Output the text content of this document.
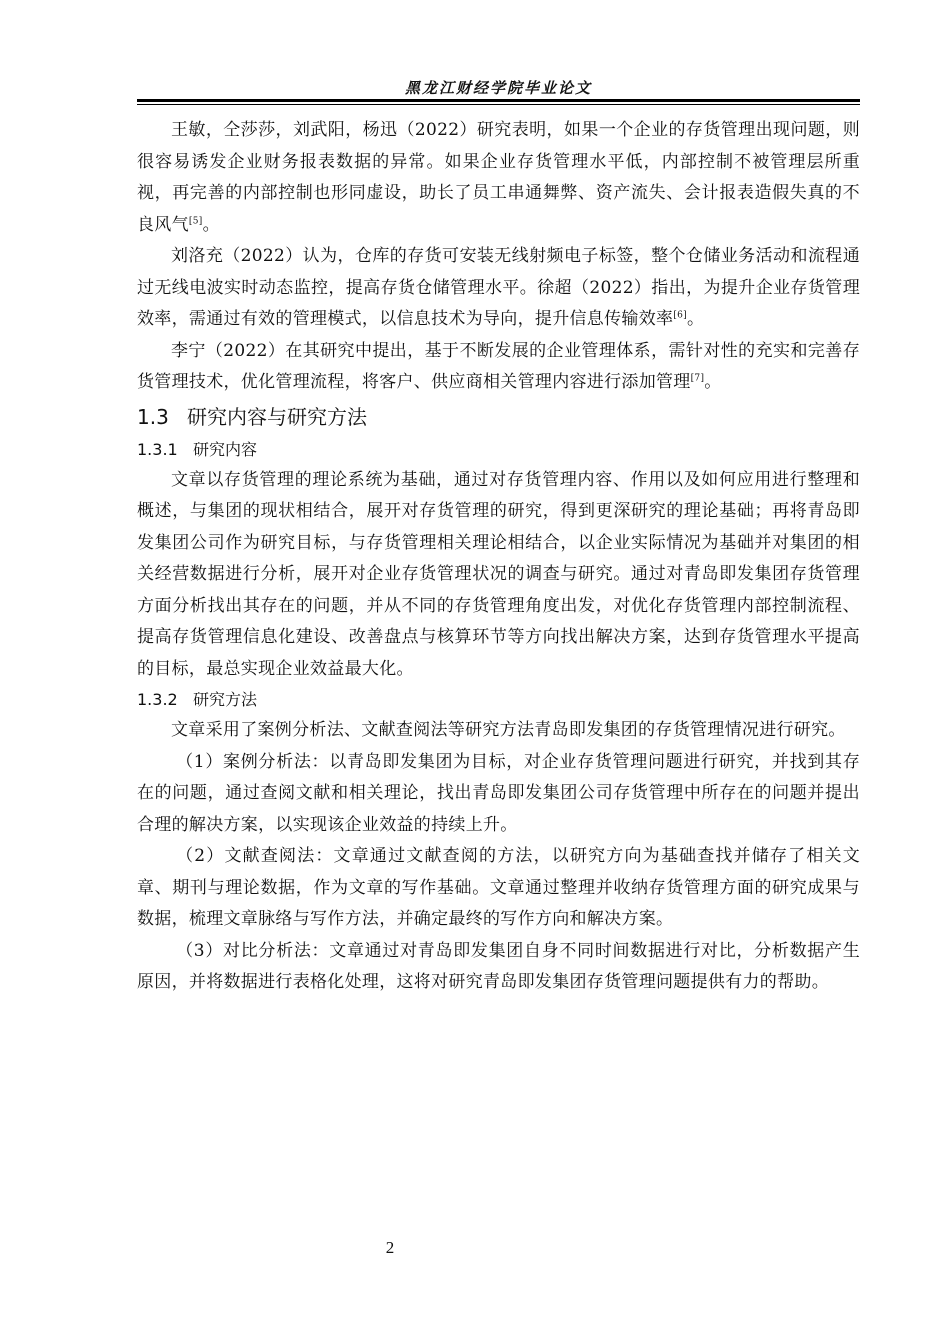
黑龙江财经学院毕业论文

王敏，仝莎莎，刘武阳，杨迅（2022）研究表明，如果一个企业的存货管理出现问题，则很容易诱发企业财务报表数据的异常。如果企业存货管理水平低，内部控制不被管理层所重视，再完善的内部控制也形同虚设，助长了员工串通舞弊、资产流失、会计报表造假失真的不良风气[5]。

刘洛充（2022）认为，仓库的存货可安装无线射频电子标签，整个仓储业务活动和流程通过无线电波实时动态监控，提高存货仓储管理水平。徐超（2022）指出，为提升企业存货管理效率，需通过有效的管理模式，以信息技术为导向，提升信息传输效率[6]。

李宁（2022）在其研究中提出，基于不断发展的企业管理体系，需针对性的充实和完善存货管理技术，优化管理流程，将客户、供应商相关管理内容进行添加管理[7]。

1.3 研究内容与研究方法
1.3.1 研究内容

文章以存货管理的理论系统为基础，通过对存货管理内容、作用以及如何应用进行整理和概述，与集团的现状相结合，展开对存货管理的研究，得到更深研究的理论基础；再将青岛即发集团公司作为研究目标，与存货管理相关理论相结合，以企业实际情况为基础并对集团的相关经营数据进行分析，展开对企业存货管理状况的调查与研究。通过对青岛即发集团存货管理方面分析找出其存在的问题，并从不同的存货管理角度出发，对优化存货管理内部控制流程、提高存货管理信息化建设、改善盘点与核算环节等方向找出解决方案，达到存货管理水平提高的目标，最总实现企业效益最大化。

1.3.2 研究方法

文章采用了案例分析法、文献查阅法等研究方法青岛即发集团的存货管理情况进行研究。

（1）案例分析法：以青岛即发集团为目标，对企业存货管理问题进行研究，并找到其存在的问题，通过查阅文献和相关理论，找出青岛即发集团公司存货管理中所存在的问题并提出合理的解决方案，以实现该企业效益的持续上升。

（2）文献查阅法：文章通过文献查阅的方法，以研究方向为基础查找并储存了相关文章、期刊与理论数据，作为文章的写作基础。文章通过整理并收纳存货管理方面的研究成果与数据，梳理文章脉络与写作方法，并确定最终的写作方向和解决方案。

（3）对比分析法：文章通过对青岛即发集团自身不同时间数据进行对比，分析数据产生原因，并将数据进行表格化处理，这将对研究青岛即发集团存货管理问题提供有力的帮助。

2
